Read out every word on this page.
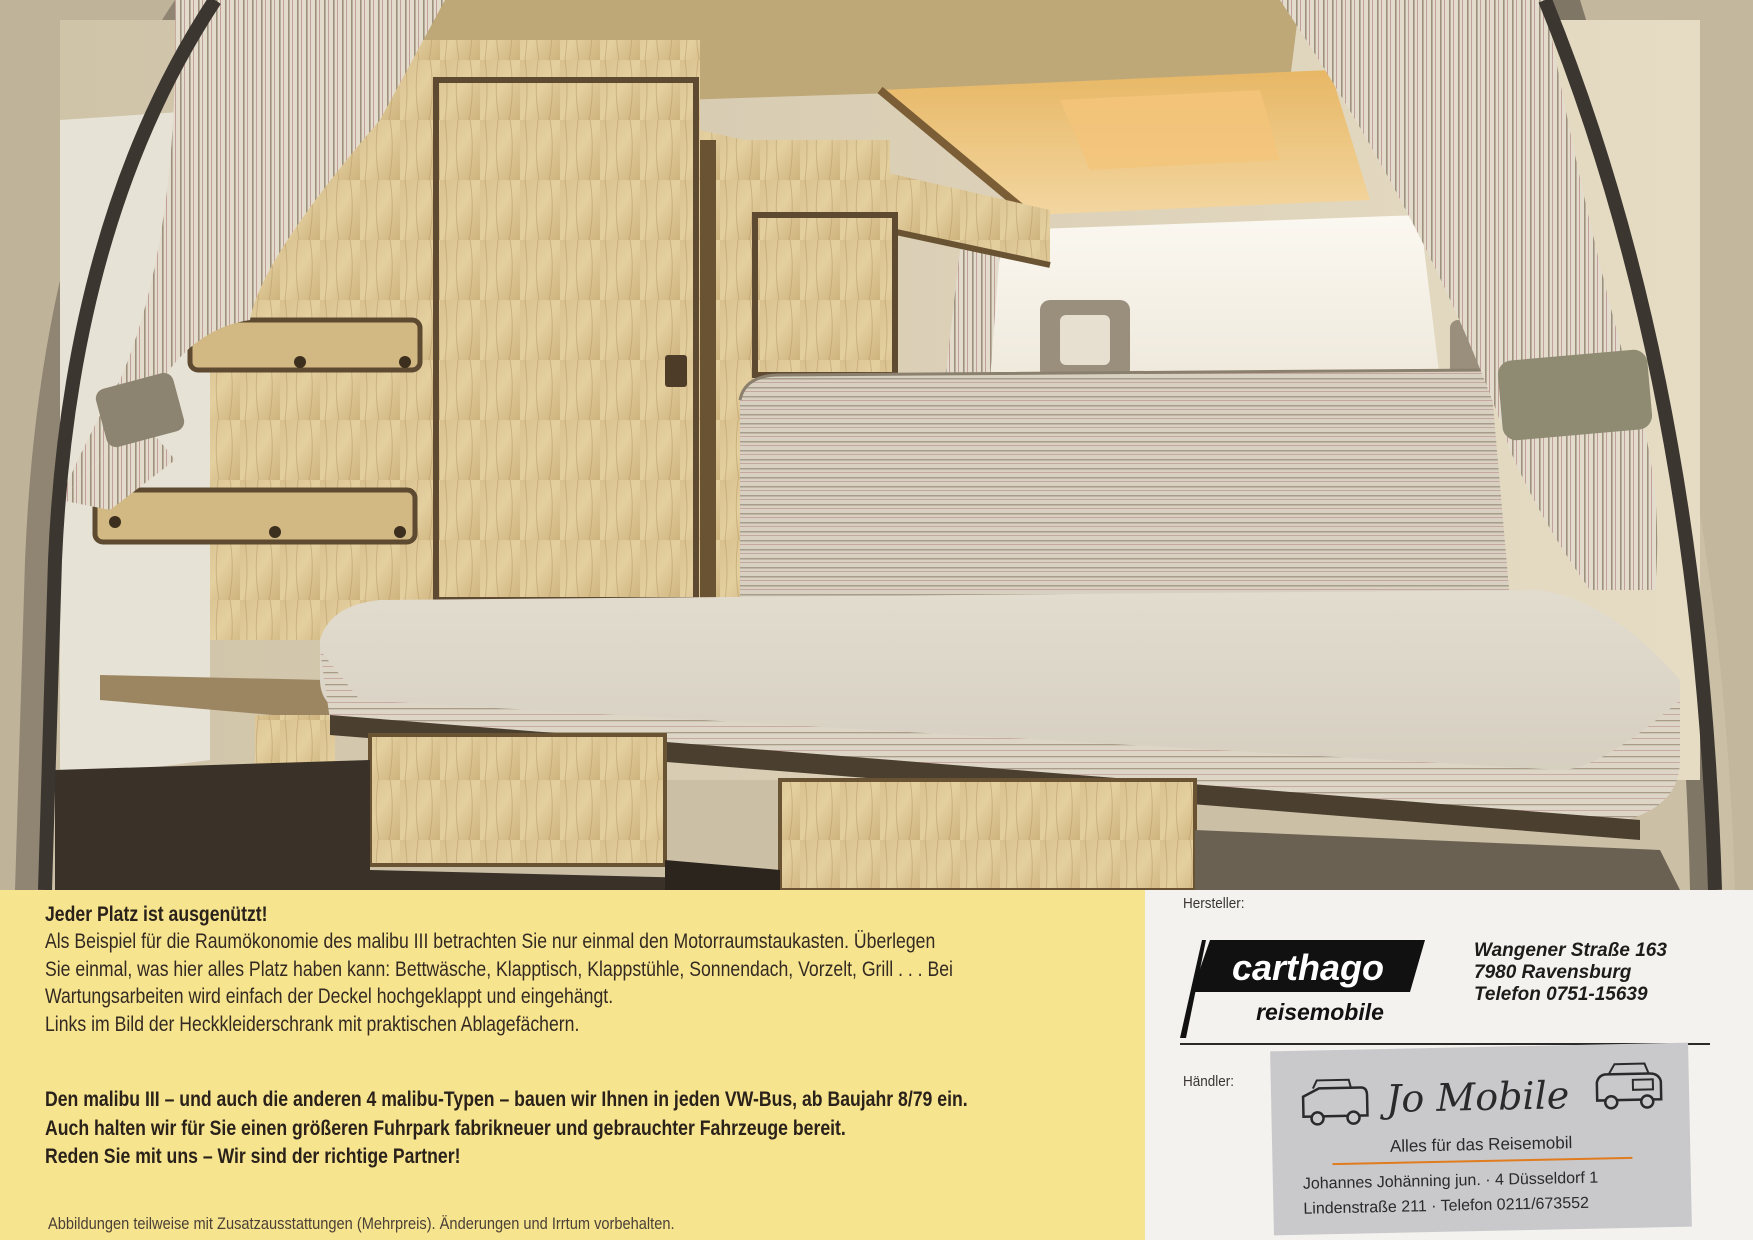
Jeder Platz ist ausgenützt!
Als Beispiel für die Raumökonomie des malibu III betrachten Sie nur einmal den Motorraumstaukasten. Überlegen
Sie einmal, was hier alles Platz haben kann: Bettwäsche, Klapptisch, Klappstühle, Sonnendach, Vorzelt, Grill . . . Bei
Wartungsarbeiten wird einfach der Deckel hochgeklappt und eingehängt.
Links im Bild der Heckkleiderschrank mit praktischen Ablagefächern.
Den malibu III – und auch die anderen 4 malibu-Typen – bauen wir Ihnen in jeden VW-Bus, ab Baujahr 8/79 ein.
Auch halten wir für Sie einen größeren Fuhrpark fabrikneuer und gebrauchter Fahrzeuge bereit.
Reden Sie mit uns – Wir sind der richtige Partner!
Abbildungen teilweise mit Zusatzausstattungen (Mehrpreis). Änderungen und Irrtum vorbehalten.
Hersteller:
carthago
reisemobile
Wangener Straße 163
7980 Ravensburg
Telefon 0751-15639
Händler:	Jo Mobile
Alles für das Reisemobil
Johannes Johänning jun. · 4 Düsseldorf 1
Lindenstraße 211 · Telefon 0211/673552
